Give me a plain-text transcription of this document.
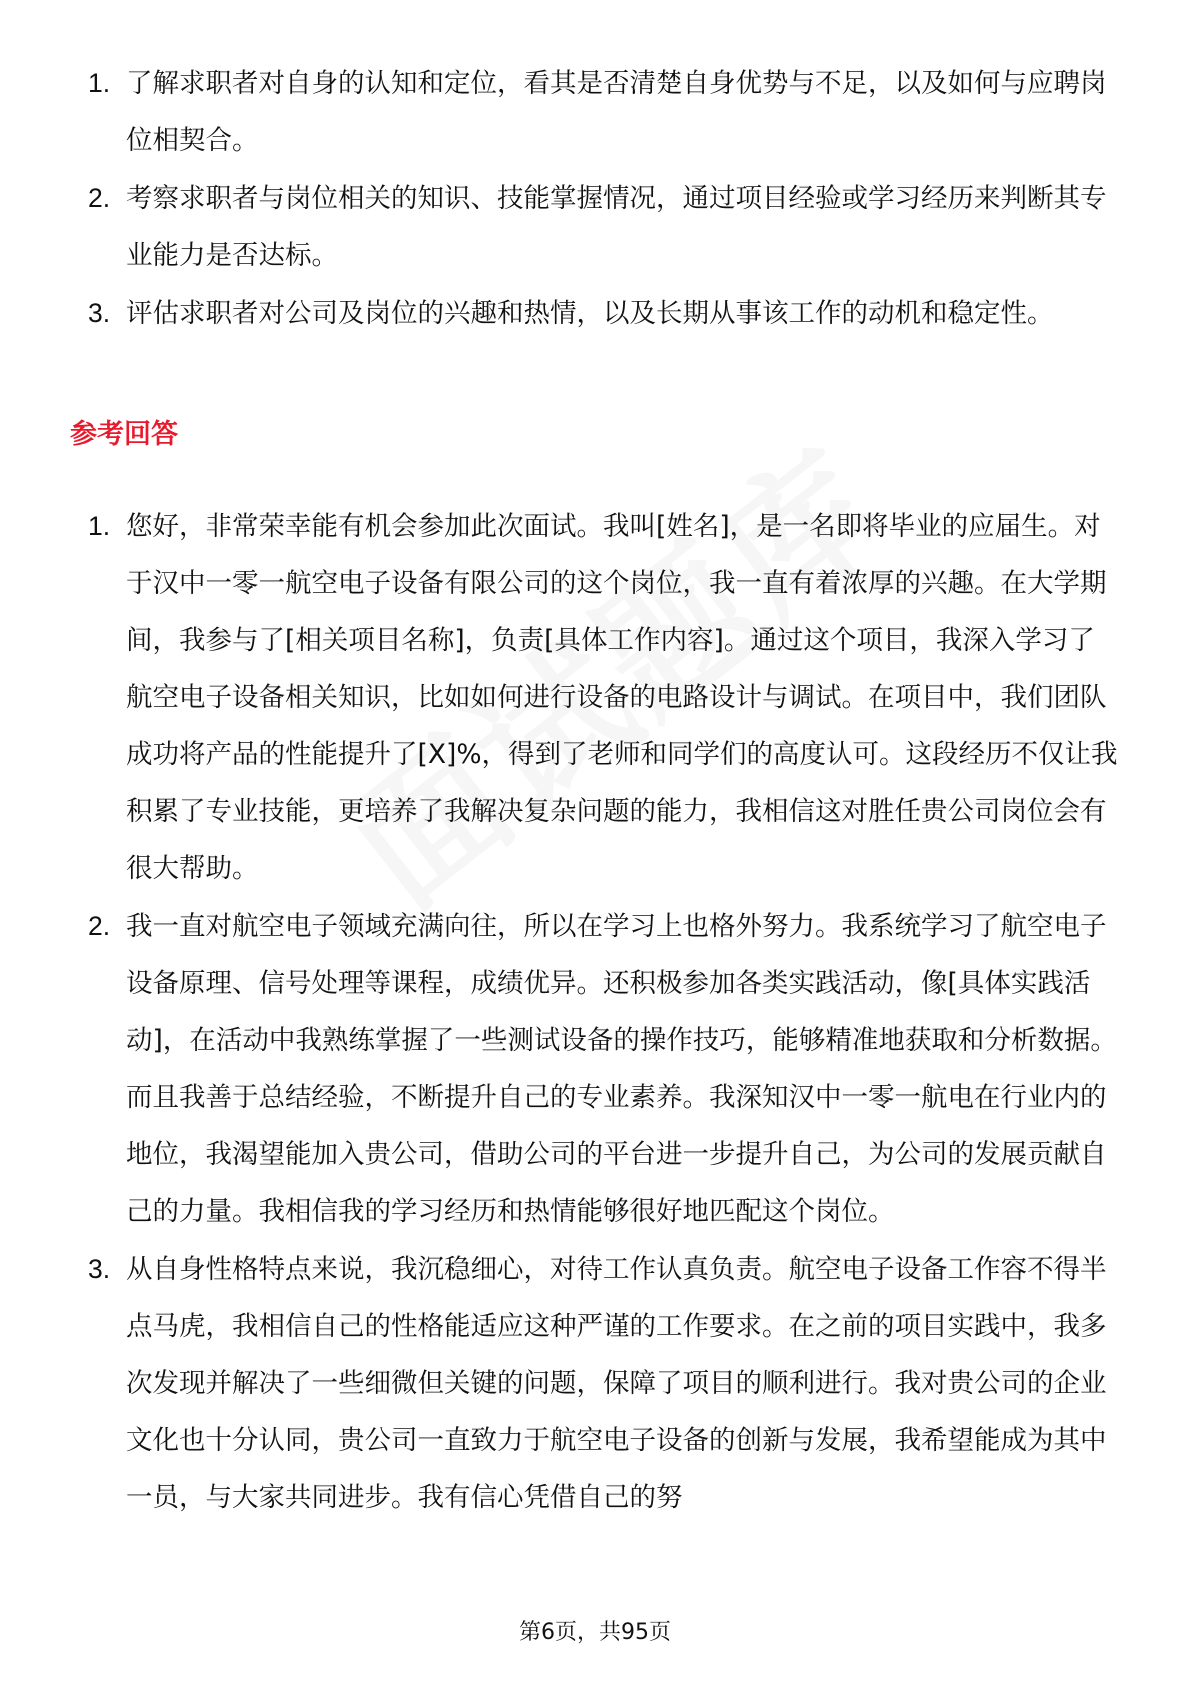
1. 了解求职者对自身的认知和定位，看其是否清楚自身优势与不足，以及如何与应聘岗位相契合。
2. 考察求职者与岗位相关的知识、技能掌握情况，通过项目经验或学习经历来判断其专业能力是否达标。
3. 评估求职者对公司及岗位的兴趣和热情，以及长期从事该工作的动机和稳定性。
参考回答
1. 您好，非常荣幸能有机会参加此次面试。我叫[姓名]，是一名即将毕业的应届生。对于汉中一零一航空电子设备有限公司的这个岗位，我一直有着浓厚的兴趣。在大学期间，我参与了[相关项目名称]，负责[具体工作内容]。通过这个项目，我深入学习了航空电子设备相关知识，比如如何进行设备的电路设计与调试。在项目中，我们团队成功将产品的性能提升了[X]%，得到了老师和同学们的高度认可。这段经历不仅让我积累了专业技能，更培养了我解决复杂问题的能力，我相信这对胜任贵公司岗位会有很大帮助。
2. 我一直对航空电子领域充满向往，所以在学习上也格外努力。我系统学习了航空电子设备原理、信号处理等课程，成绩优异。还积极参加各类实践活动，像[具体实践活动]，在活动中我熟练掌握了一些测试设备的操作技巧，能够精准地获取和分析数据。而且我善于总结经验，不断提升自己的专业素养。我深知汉中一零一航电在行业内的地位，我渴望能加入贵公司，借助公司的平台进一步提升自己，为公司的发展贡献自己的力量。我相信我的学习经历和热情能够很好地匹配这个岗位。
3. 从自身性格特点来说，我沉稳细心，对待工作认真负责。航空电子设备工作容不得半点马虎，我相信自己的性格能适应这种严谨的工作要求。在之前的项目实践中，我多次发现并解决了一些细微但关键的问题，保障了项目的顺利进行。我对贵公司的企业文化也十分认同，贵公司一直致力于航空电子设备的创新与发展，我希望能成为其中一员，与大家共同进步。我有信心凭借自己的努
第6页，共95页
